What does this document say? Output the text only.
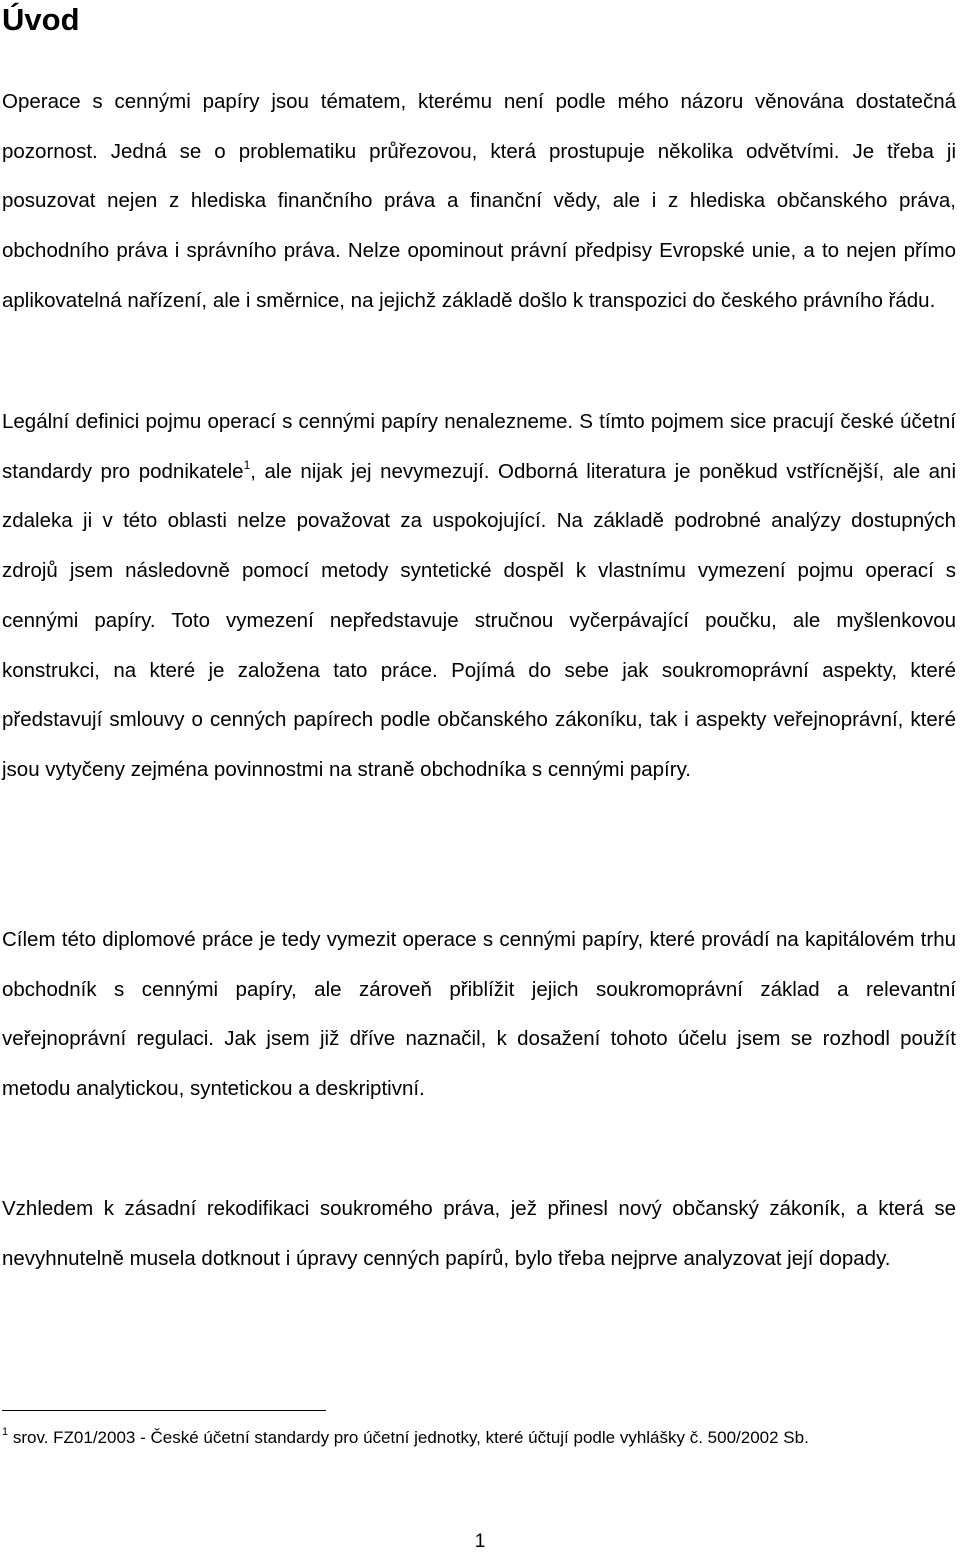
Úvod

Operace s cennými papíry jsou tématem, kterému není podle mého názoru věnována dostatečná pozornost. Jedná se o problematiku průřezovou, která prostupuje několika odvětvími. Je třeba ji posuzovat nejen z hlediska finančního práva a finanční vědy, ale i z hlediska občanského práva, obchodního práva i správního práva. Nelze opominout právní předpisy Evropské unie, a to nejen přímo aplikovatelná nařízení, ale i směrnice, na jejichž základě došlo k transpozici do českého právního řádu.

Legální definici pojmu operací s cennými papíry nenalezneme. S tímto pojmem sice pracují české účetní standardy pro podnikatele$^1$, ale nijak jej nevymezují. Odborná literatura je poněkud vstřícnější, ale ani zdaleka ji v této oblasti nelze považovat za uspokojující. Na základě podrobné analýzy dostupných zdrojů jsem následovně pomocí metody syntetické dospěl k vlastnímu vymezení pojmu operací s cennými papíry. Toto vymezení nepředstavuje stručnou vyčerpávající poučku, ale myšlenkovou konstrukci, na které je založena tato práce. Pojímá do sebe jak soukromoprávní aspekty, které představují smlouvy o cenných papírech podle občanského zákoníku, tak i aspekty veřejnoprávní, které jsou vytyčeny zejména povinnostmi na straně obchodníka s cennými papíry.

Cílem této diplomové práce je tedy vymezit operace s cennými papíry, které provádí na kapitálovém trhu obchodník s cennými papíry, ale zároveň přiblížit jejich soukromoprávní základ a relevantní veřejnoprávní regulaci. Jak jsem již dříve naznačil, k dosažení tohoto účelu jsem se rozhodl použít metodu analytickou, syntetickou a deskriptivní.

Vzhledem k zásadní rekodifikaci soukromého práva, jež přinesl nový občanský zákoník, a která se nevyhnutelně musela dotknout i úpravy cenných papírů, bylo třeba nejprve analyzovat její dopady.

$^1$ srov. FZ01/2003 - České účetní standardy pro účetní jednotky, které účtují podle vyhlášky č. 500/2002 Sb.

1
